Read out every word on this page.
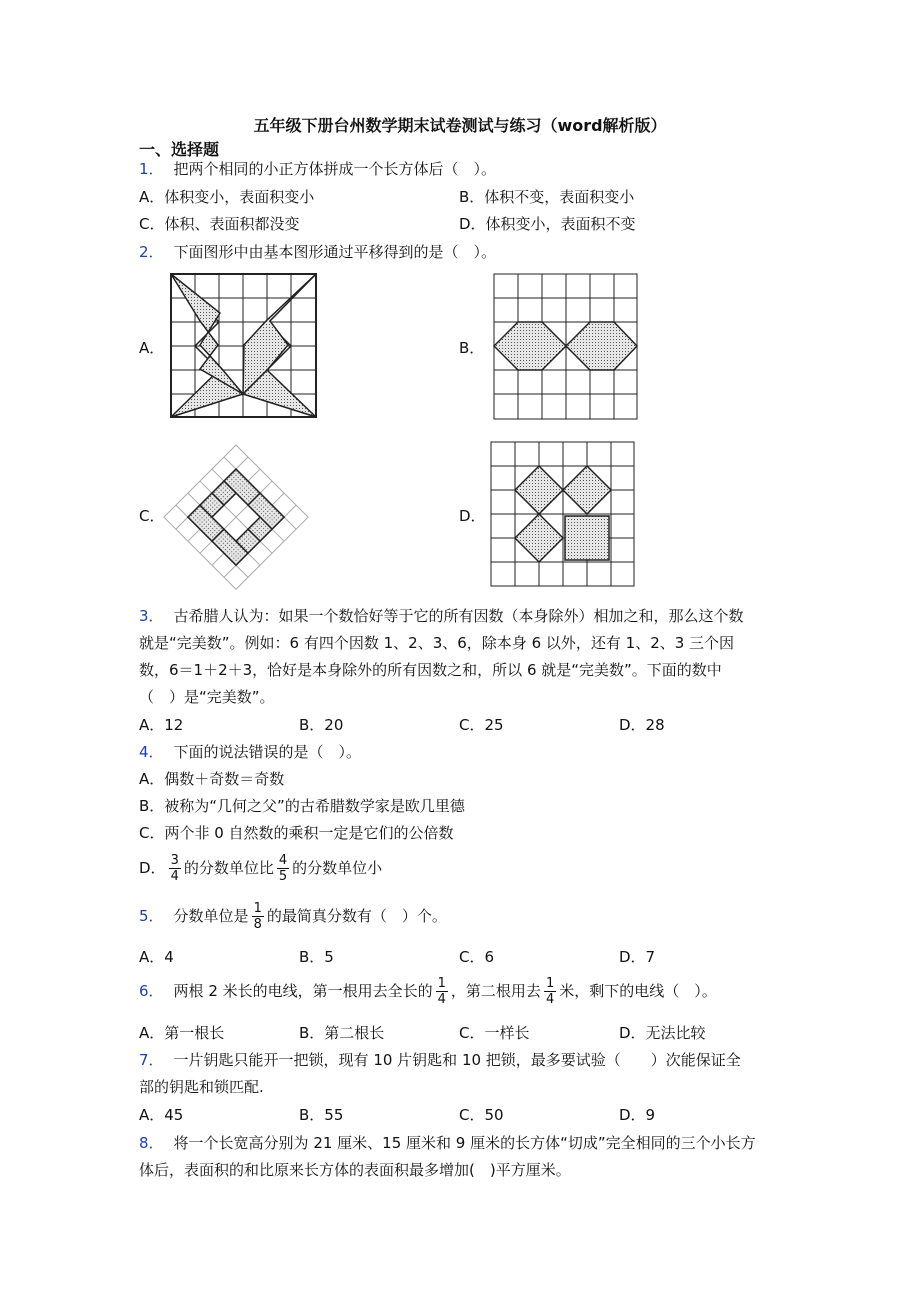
五年级下册台州数学期末试卷测试与练习（word解析版）
一、选择题
1． 把两个相同的小正方体拼成一个长方体后（　）。
A．体积变小，表面积变小	B．体积不变，表面积变小
C．体积、表面积都没变	D．体积变小，表面积不变
2． 下面图形中由基本图形通过平移得到的是（　）。
A．	B．
C．	D．
3． 古希腊人认为：如果一个数恰好等于它的所有因数（本身除外）相加之和，那么这个数
就是“完美数”。例如：6 有四个因数 1、2、3、6，除本身 6 以外，还有 1、2、3 三个因
数，6＝1＋2＋3，恰好是本身除外的所有因数之和，所以 6 就是“完美数”。下面的数中
（　）是“完美数”。
A．12	B．20	C．25	D．28
4． 下面的说法错误的是（　）。
A．偶数＋奇数＝奇数
B．被称为“几何之父”的古希腊数学家是欧几里德
C．两个非 0 自然数的乘积一定是它们的公倍数
D． $\frac{3}{4}$ 的分数单位比 $\frac{4}{5}$ 的分数单位小
5． 分数单位是 $\frac{1}{8}$ 的最简真分数有（　）个。
A．4	B．5	C．6	D．7
6． 两根 2 米长的电线，第一根用去全长的 $\frac{1}{4}$ ，第二根用去 $\frac{1}{4}$ 米，剩下的电线（　）。
A．第一根长	B．第二根长	C．一样长	D．无法比较
7． 一片钥匙只能开一把锁，现有 10 片钥匙和 10 把锁，最多要试验（　　）次能保证全
部的钥匙和锁匹配.
A．45	B．55	C．50	D．9
8． 将一个长宽高分别为 21 厘米、15 厘米和 9 厘米的长方体“切成”完全相同的三个小长方
体后，表面积的和比原来长方体的表面积最多增加(　)平方厘米。
